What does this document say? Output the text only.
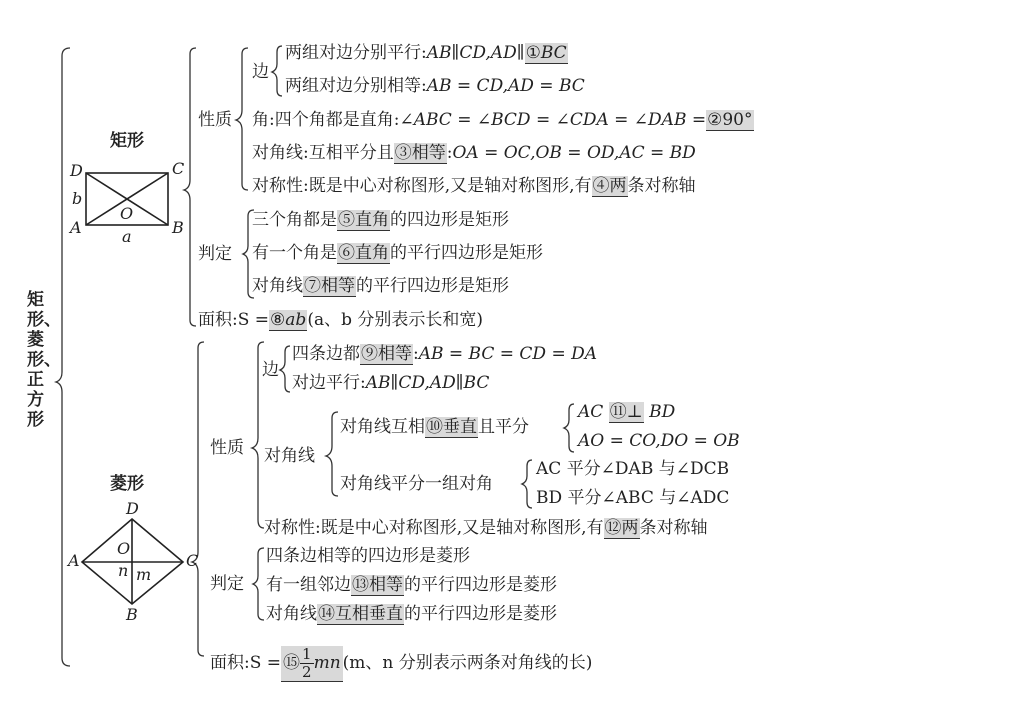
矩形、菱形、正方形
矩形
D	C
A	B
O
b
a
性质
边
两组对边分别平行:AB∥CD,AD∥①BC
两组对边分别相等:AB = CD,AD = BC
角:四个角都是直角:∠ABC = ∠BCD = ∠CDA = ∠DAB =②90°
对角线:互相平分且③相等:OA = OC,OB = OD,AC = BD
对称性:既是中心对称图形,又是轴对称图形,有④两条对称轴
判定
三个角都是⑤直角的四边形是矩形
有一个角是⑥直角的平行四边形是矩形
对角线⑦相等的平行四边形是矩形
面积:S =⑧ab(a、b 分别表示长和宽)
菱形
D
A	C
B
O
n m
性质
边
四条边都⑨相等:AB = BC = CD = DA
对边平行:AB∥CD,AD∥BC
对角线
对角线互相⑩垂直且平分
AC ⑪⊥ BD
AO = CO,DO = OB
对角线平分一组对角
AC 平分∠DAB 与∠DCB
BD 平分∠ABC 与∠ADC
对称性:既是中心对称图形,又是轴对称图形,有⑫两条对称轴
判定
四条边相等的四边形是菱形
有一组邻边⑬相等的平行四边形是菱形
对角线⑭互相垂直的平行四边形是菱形
面积:S = ⑮ $\frac{1}{2}$ mn (m、n 分别表示两条对角线的长)
